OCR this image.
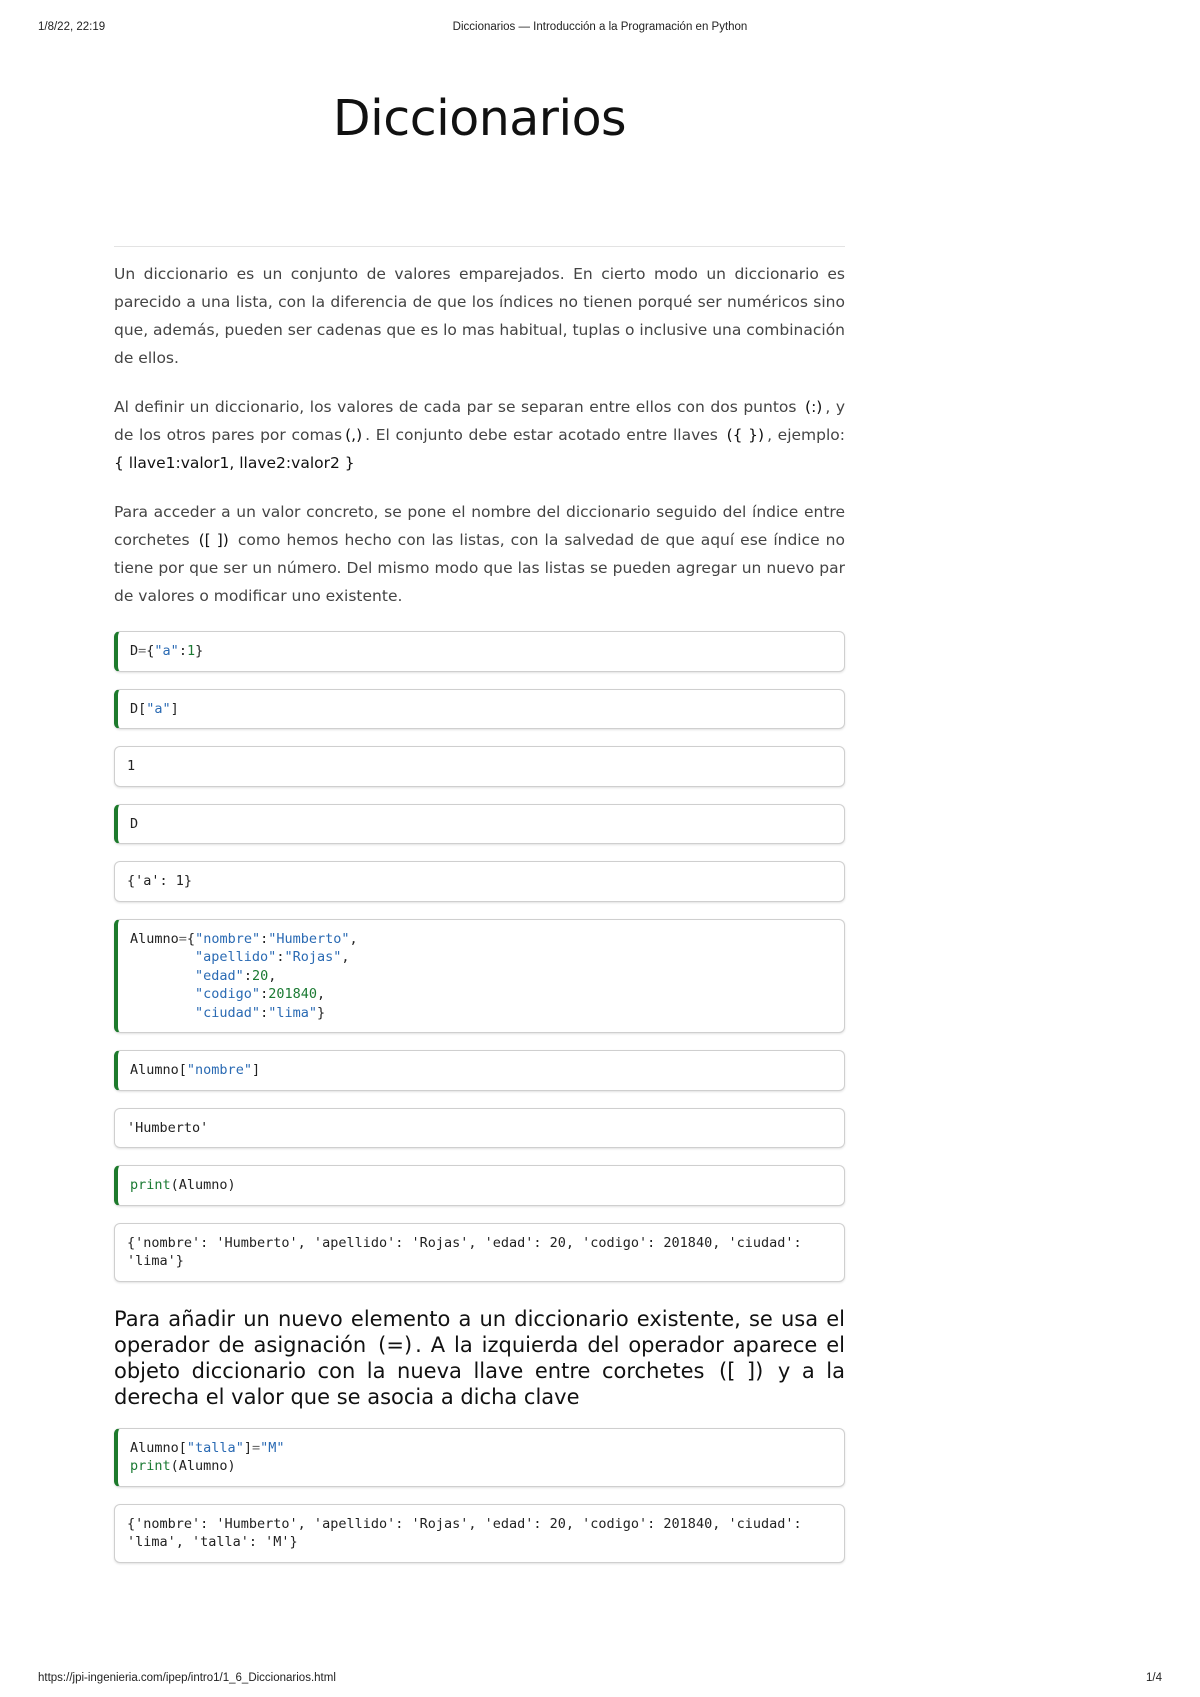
1/8/22, 22:19	Diccionarios — Introducción a la Programación en Python
Diccionarios

Un diccionario es un conjunto de valores emparejados. En cierto modo un diccionario es parecido a una lista, con la diferencia de que los índices no tienen porqué ser numéricos sino que, además, pueden ser cadenas que es lo mas habitual, tuplas o inclusive una combinación de ellos.

Al definir un diccionario, los valores de cada par se separan entre ellos con dos puntos (:) , y de los otros pares por comas (,) . El conjunto debe estar acotado entre llaves ({ }) , ejemplo: { llave1:valor1, llave2:valor2 }

Para acceder a un valor concreto, se pone el nombre del diccionario seguido del índice entre corchetes ([ ]) como hemos hecho con las listas, con la salvedad de que aquí ese índice no tiene por que ser un número. Del mismo modo que las listas se pueden agregar un nuevo par de valores o modificar uno existente.

D={"a":1}
D["a"]
1
D
{'a': 1}
Alumno={"nombre":"Humberto",
"apellido":"Rojas",
"edad":20,
"codigo":201840,
"ciudad":"lima"}
Alumno["nombre"]
'Humberto'
print(Alumno)
{'nombre': 'Humberto', 'apellido': 'Rojas', 'edad': 20, 'codigo': 201840, 'ciudad':
'lima'}

Para añadir un nuevo elemento a un diccionario existente, se usa el operador de asignación (=) . A la izquierda del operador aparece el objeto diccionario con la nueva llave entre corchetes ([ ]) y a la derecha el valor que se asocia a dicha clave

Alumno["talla"]="M"
print(Alumno)
{'nombre': 'Humberto', 'apellido': 'Rojas', 'edad': 20, 'codigo': 201840, 'ciudad':
'lima', 'talla': 'M'}
https://jpi-ingenieria.com/ipep/intro1/1_6_Diccionarios.html	1/4
